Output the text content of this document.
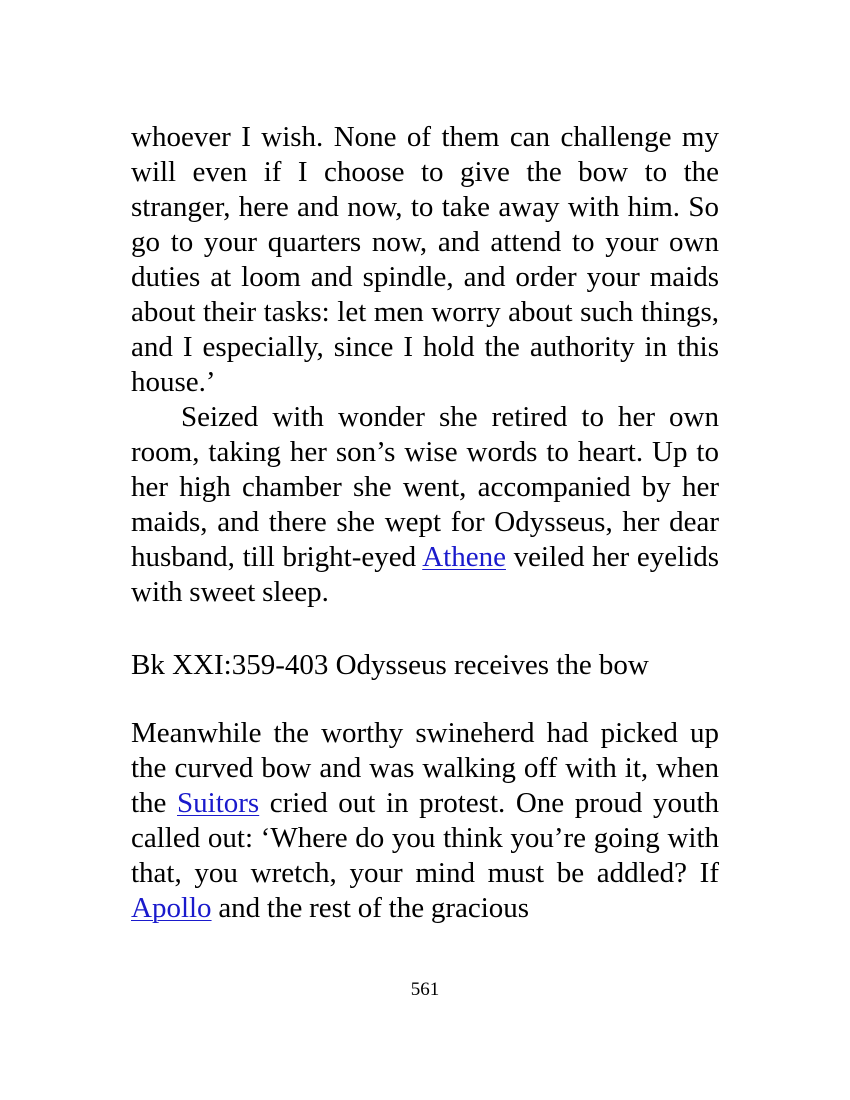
whoever I wish. None of them can challenge my will even if I choose to give the bow to the stranger, here and now, to take away with him. So go to your quarters now, and attend to your own duties at loom and spindle, and order your maids about their tasks: let men worry about such things, and I especially, since I hold the authority in this house.’

Seized with wonder she retired to her own room, taking her son’s wise words to heart. Up to her high chamber she went, accompanied by her maids, and there she wept for Odysseus, her dear husband, till bright-eyed Athene veiled her eyelids with sweet sleep.

Bk XXI:359-403 Odysseus receives the bow

Meanwhile the worthy swineherd had picked up the curved bow and was walking off with it, when the Suitors cried out in protest. One proud youth called out: ‘Where do you think you’re going with that, you wretch, your mind must be addled? If Apollo and the rest of the gracious

561
